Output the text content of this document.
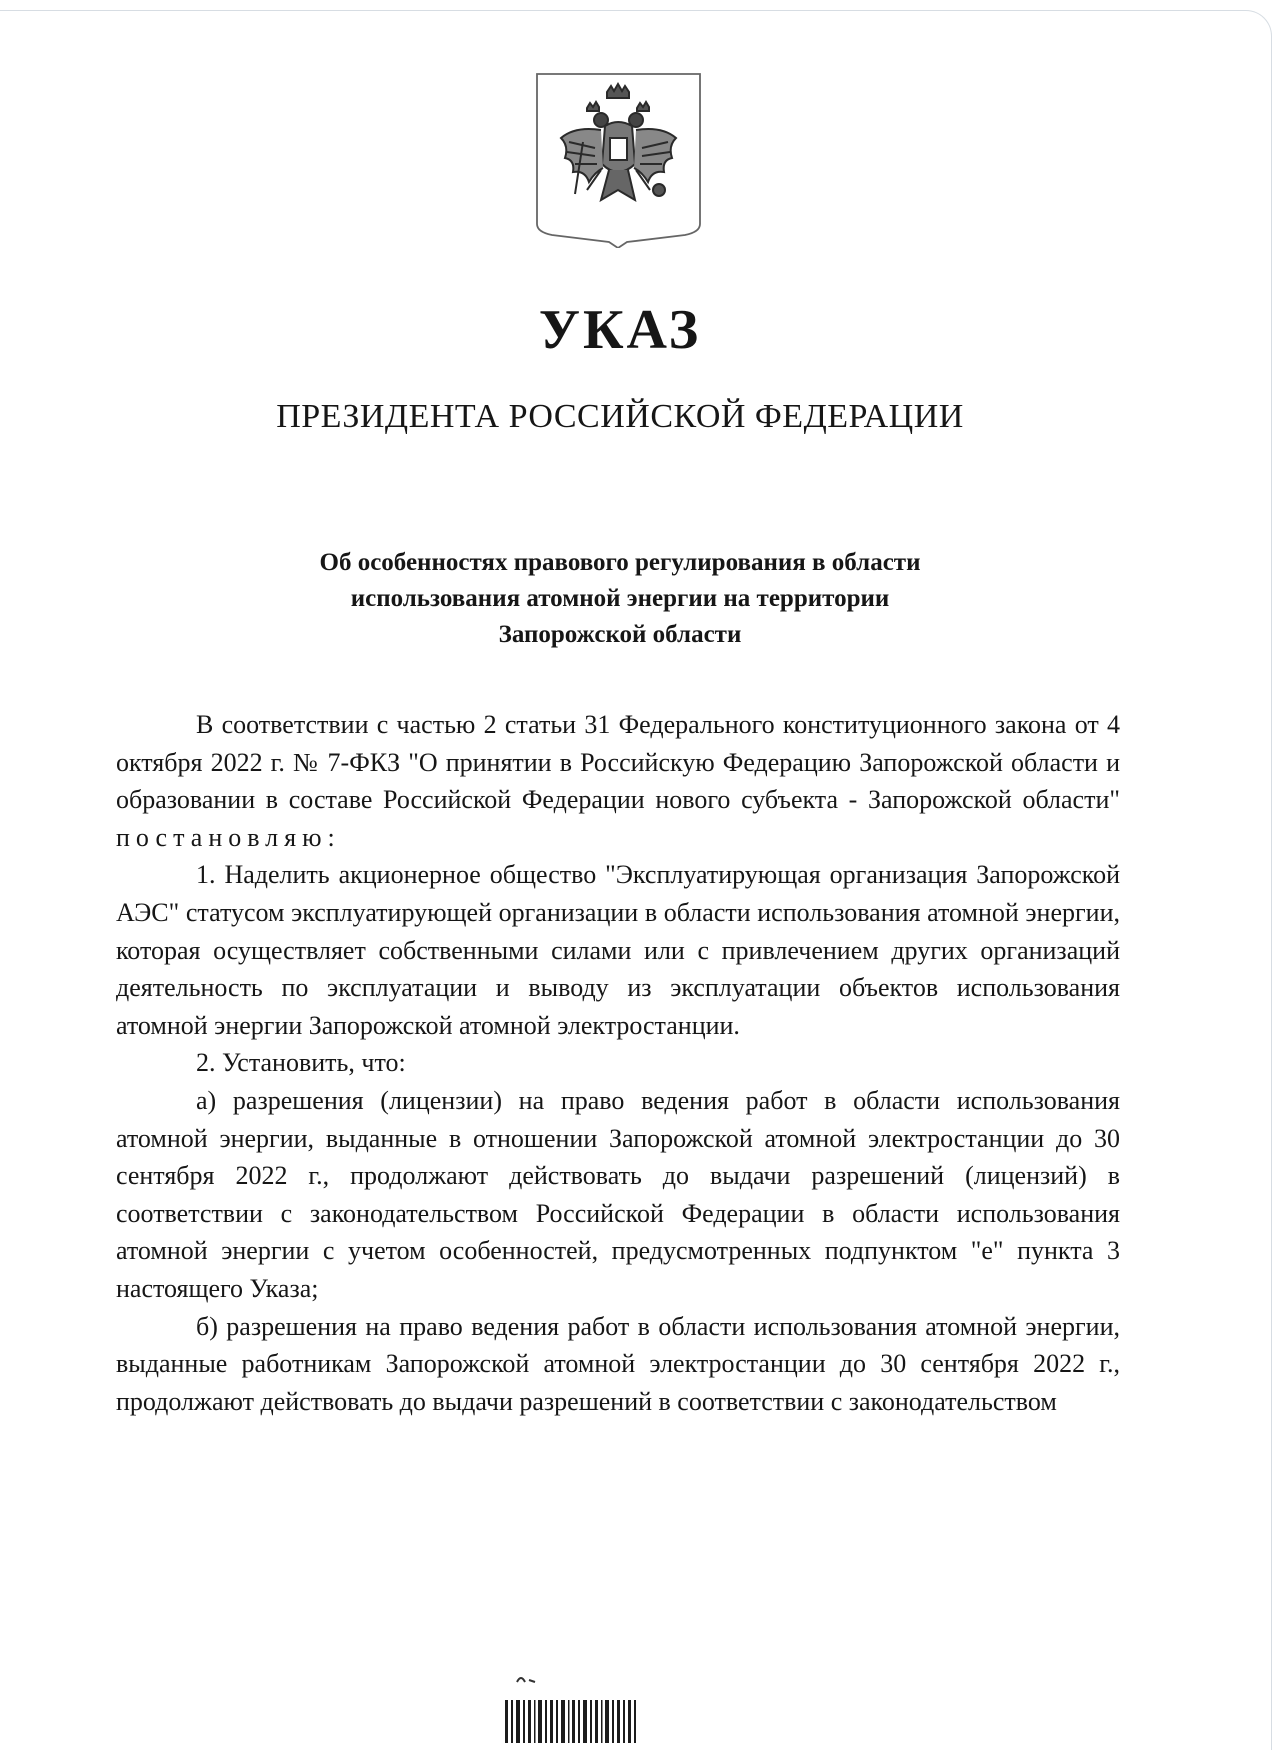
УКАЗ
ПРЕЗИДЕНТА РОССИЙСКОЙ ФЕДЕРАЦИИ
Об особенностях правового регулирования в области
использования атомной энергии на территории
Запорожской области

В соответствии с частью 2 статьи 31 Федерального конституционного закона от 4 октября 2022 г. № 7-ФКЗ "О принятии в Российскую Федерацию Запорожской области и образовании в составе Российской Федерации нового субъекта - Запорожской области" постановляю:

1. Наделить акционерное общество "Эксплуатирующая организация Запорожской АЭС" статусом эксплуатирующей организации в области использования атомной энергии, которая осуществляет собственными силами или с привлечением других организаций деятельность по эксплуатации и выводу из эксплуатации объектов использования атомной энергии Запорожской атомной электростанции.

2. Установить, что:

а) разрешения (лицензии) на право ведения работ в области использования атомной энергии, выданные в отношении Запорожской атомной электростанции до 30 сентября 2022 г., продолжают действовать до выдачи разрешений (лицензий) в соответствии с законодательством Российской Федерации в области использования атомной энергии с учетом особенностей, предусмотренных подпунктом "е" пункта 3 настоящего Указа;

б) разрешения на право ведения работ в области использования атомной энергии, выданные работникам Запорожской атомной электростанции до 30 сентября 2022 г., продолжают действовать до выдачи разрешений в соответствии с законодательством
